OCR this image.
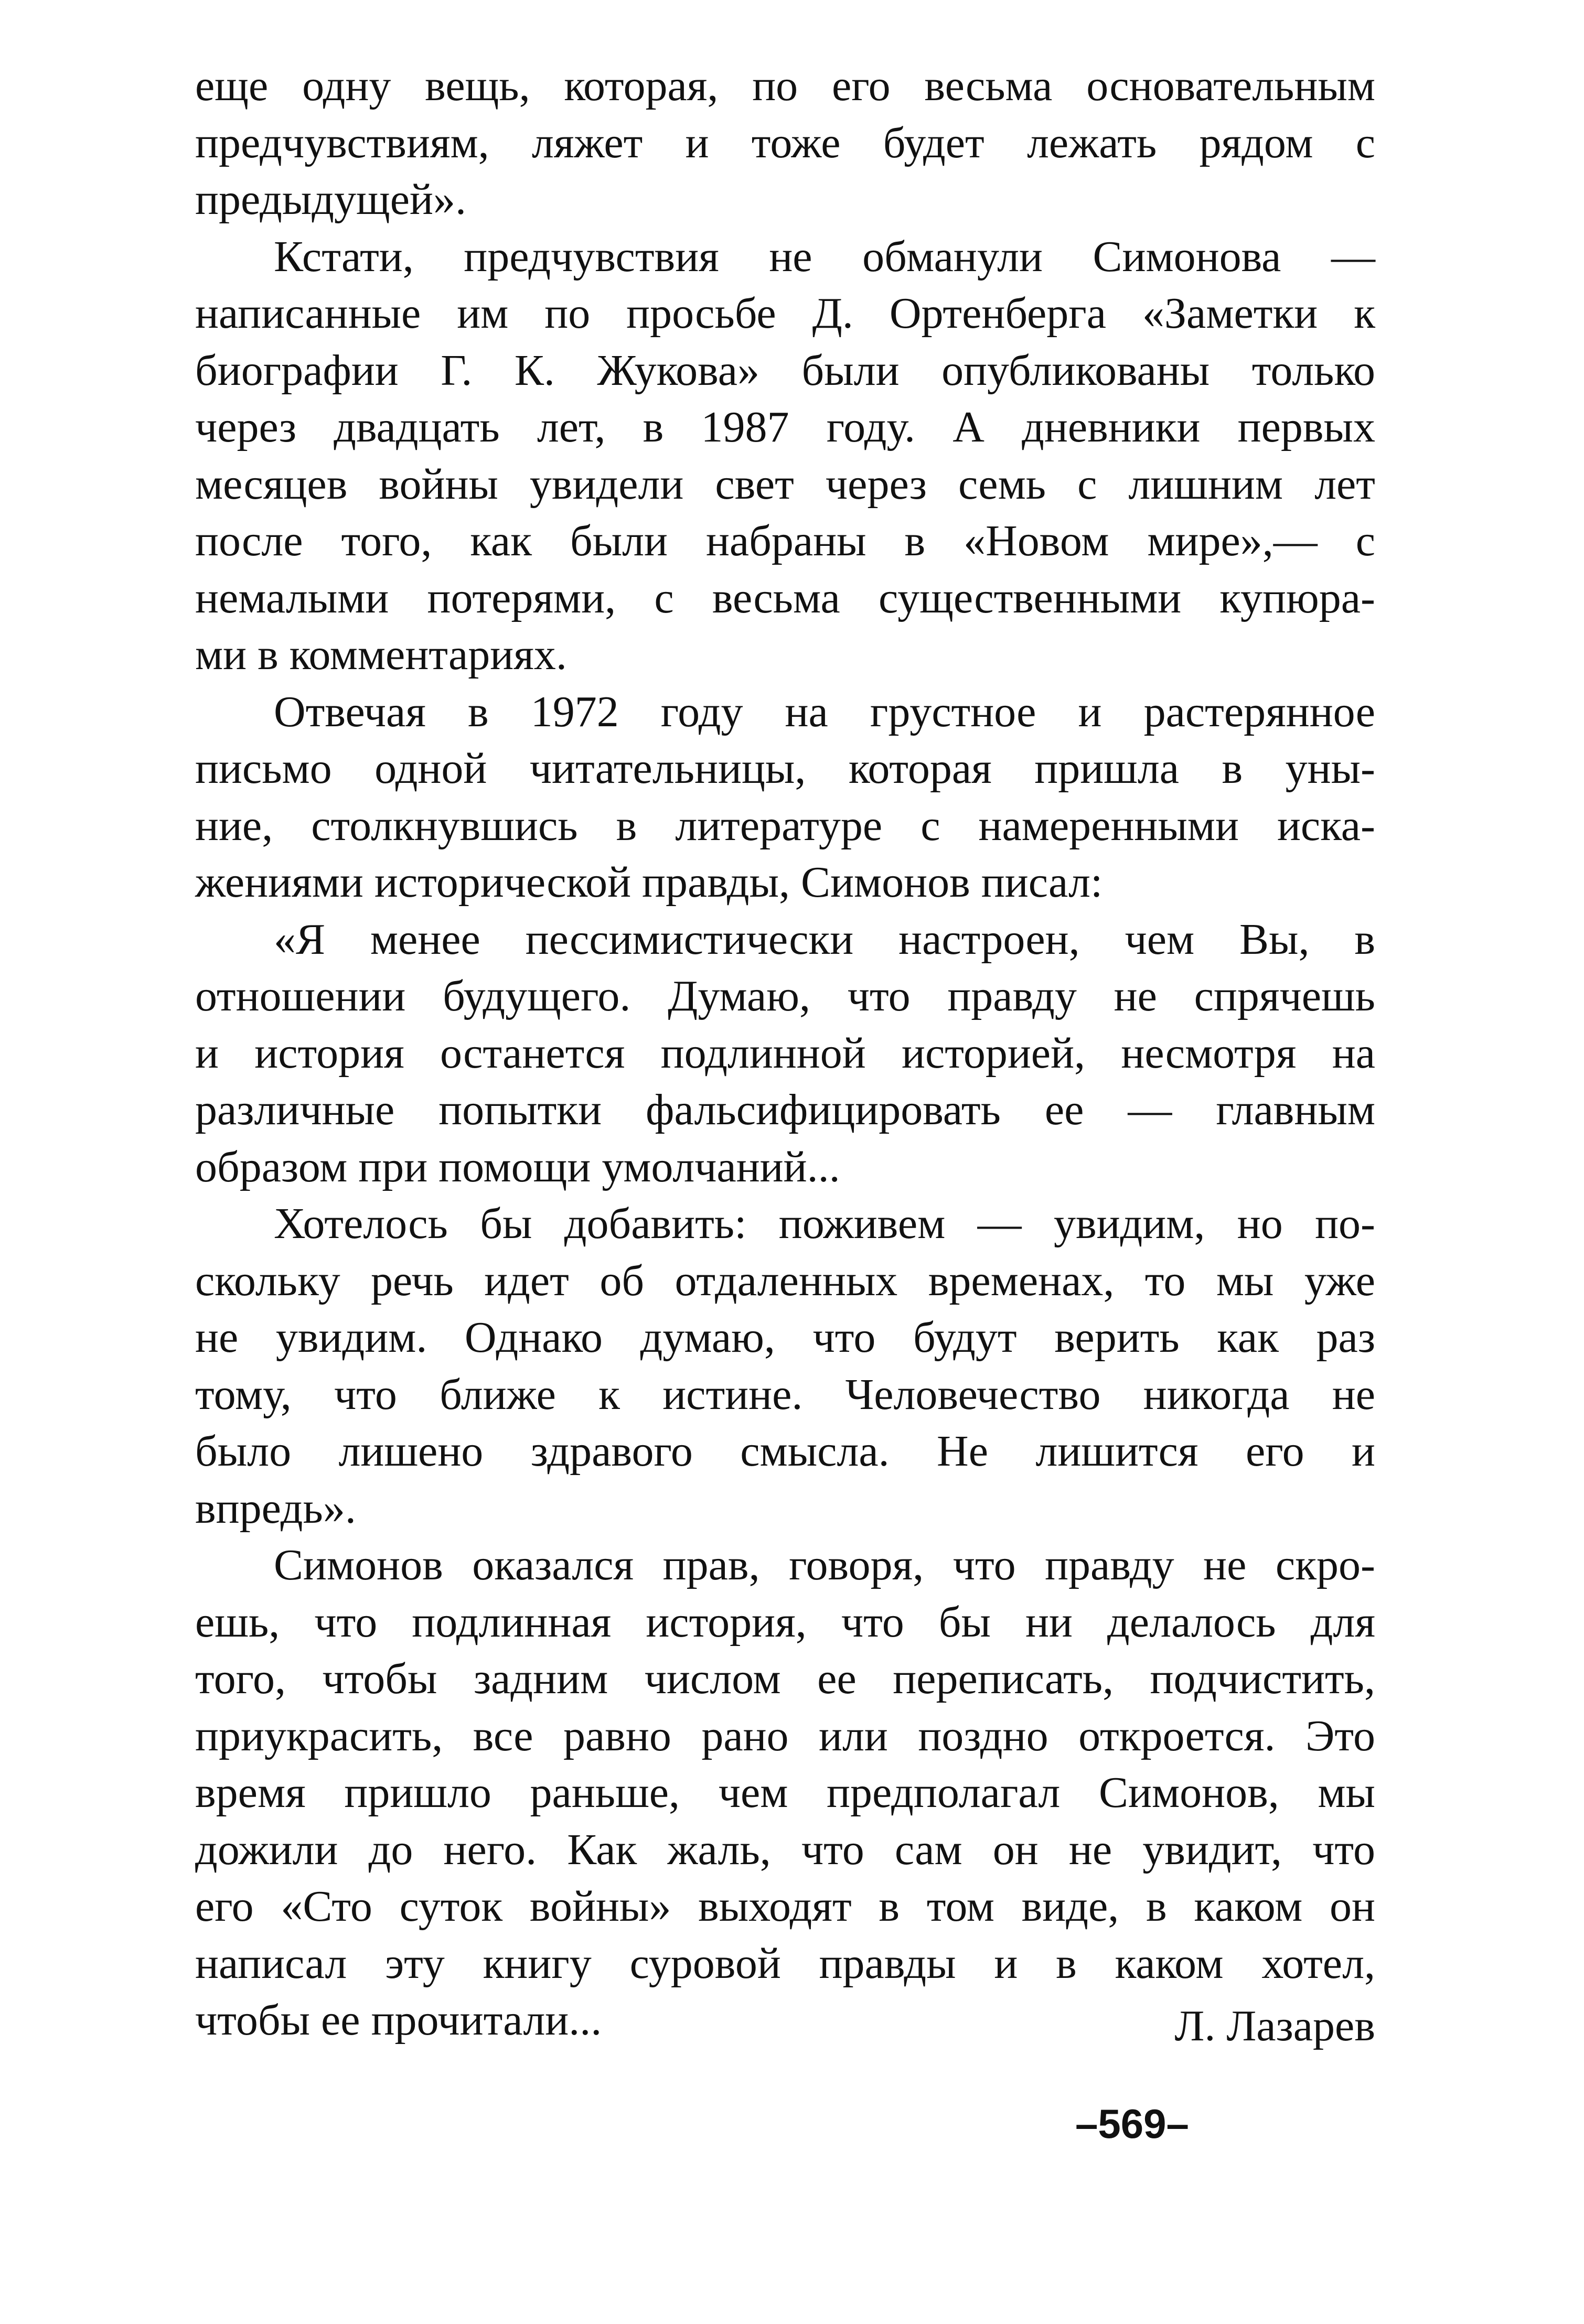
еще одну вещь, которая, по его весьма основательным
предчувствиям, ляжет и тоже будет лежать рядом с
предыдущей».
Кстати, предчувствия не обманули Симонова —
написанные им по просьбе Д. Ортенберга «Заметки к
биографии Г. К. Жукова» были опубликованы только
через двадцать лет, в 1987 году. А дневники первых
месяцев войны увидели свет через семь с лишним лет
после того, как были набраны в «Новом мире»,— с
немалыми потерями, с весьма существенными купюра-
ми в комментариях.
Отвечая в 1972 году на грустное и растерянное
письмо одной читательницы, которая пришла в уны-
ние, столкнувшись в литературе с намеренными иска-
жениями исторической правды, Симонов писал:
«Я менее пессимистически настроен, чем Вы, в
отношении будущего. Думаю, что правду не спрячешь
и история останется подлинной историей, несмотря на
различные попытки фальсифицировать ее — главным
образом при помощи умолчаний...
Хотелось бы добавить: поживем — увидим, но по-
скольку речь идет об отдаленных временах, то мы уже
не увидим. Однако думаю, что будут верить как раз
тому, что ближе к истине. Человечество никогда не
было лишено здравого смысла. Не лишится его и
впредь».
Симонов оказался прав, говоря, что правду не скро-
ешь, что подлинная история, что бы ни делалось для
того, чтобы задним числом ее переписать, подчистить,
приукрасить, все равно рано или поздно откроется. Это
время пришло раньше, чем предполагал Симонов, мы
дожили до него. Как жаль, что сам он не увидит, что
его «Сто суток войны» выходят в том виде, в каком он
написал эту книгу суровой правды и в каком хотел,
чтобы ее прочитали...	Л. Лазарев
–569–
